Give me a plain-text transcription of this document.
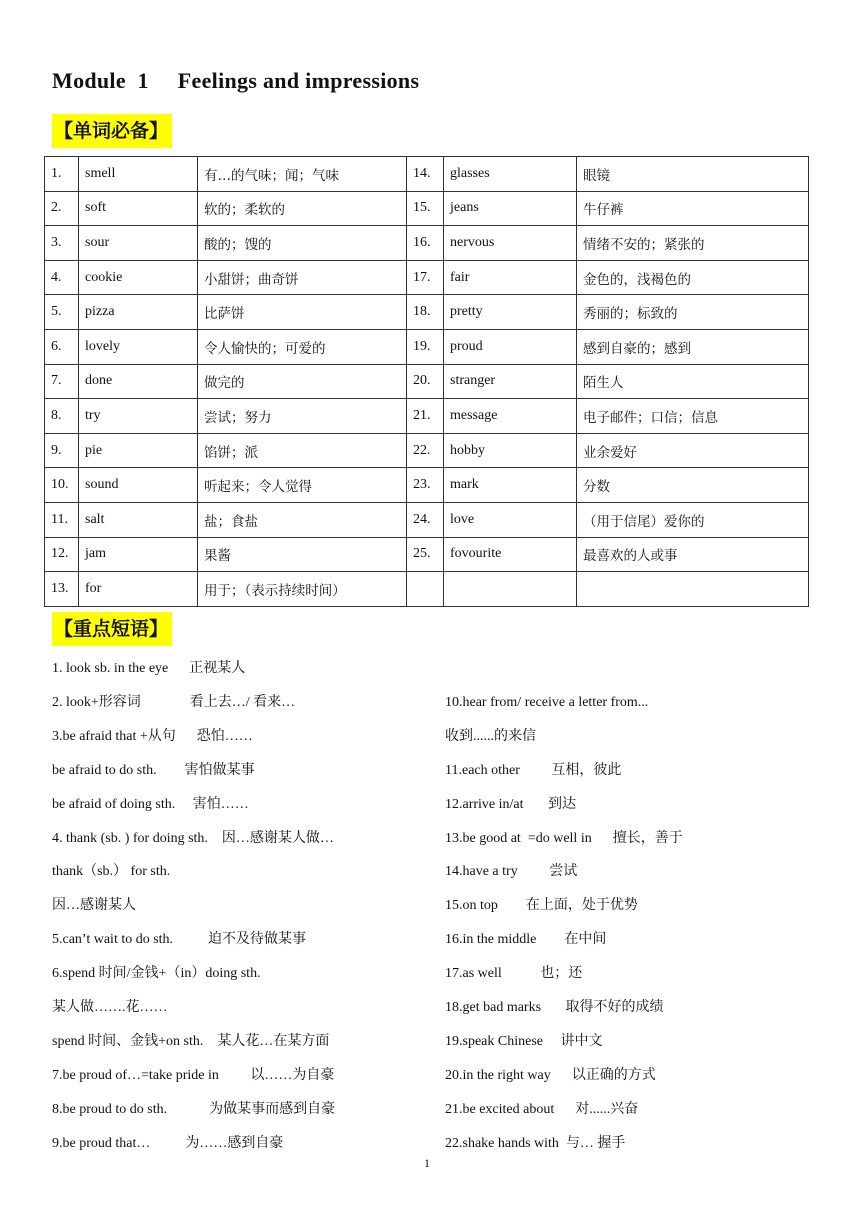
Module  1     Feelings and impressions
【单词必备】
1.	smell	有…的气味；闻；气味	14.	glasses	眼镜
2.	soft	软的；柔软的	15.	jeans	牛仔裤
3.	sour	酸的；馊的	16.	nervous	情绪不安的；紧张的
4.	cookie	小甜饼；曲奇饼	17.	fair	金色的，浅褐色的
5.	pizza	比萨饼	18.	pretty	秀丽的；标致的
6.	lovely	令人愉快的；可爱的	19.	proud	感到自豪的；感到
7.	done	做完的	20.	stranger	陌生人
8.	try	尝试；努力	21.	message	电子邮件；口信；信息
9.	pie	馅饼；派	22.	hobby	业余爱好
10.	sound	听起来；令人觉得	23.	mark	分数
11.	salt	盐；食盐	24.	love	（用于信尾）爱你的
12.	jam	果酱	25.	fovourite	最喜欢的人或事
13.	for	用于；（表示持续时间）			
【重点短语】
1. look sb. in the eye      正视某人
2. look+形容词              看上去…/ 看来…
3.be afraid that +从句      恐怕……
be afraid to do sth.        害怕做某事
be afraid of doing sth.     害怕……
4. thank (sb. ) for doing sth.    因…感谢某人做…
thank（sb.） for sth.
因…感谢某人
5.can’t wait to do sth.          迫不及待做某事
6.spend 时间/金钱+（in）doing sth.
某人做…….花……
spend 时间、金钱+on sth.    某人花…在某方面
7.be proud of…=take pride in         以……为自豪
8.be proud to do sth.            为做某事而感到自豪
9.be proud that…          为……感到自豪
10.hear from/ receive a letter from...
收到......的来信
11.each other         互相，彼此
12.arrive in/at       到达
13.be good at  =do well in      擅长，善于
14.have a try         尝试
15.on top        在上面，处于优势
16.in the middle        在中间
17.as well           也；还
18.get bad marks       取得不好的成绩
19.speak Chinese     讲中文
20.in the right way      以正确的方式
21.be excited about      对......兴奋
22.shake hands with  与… 握手
1
